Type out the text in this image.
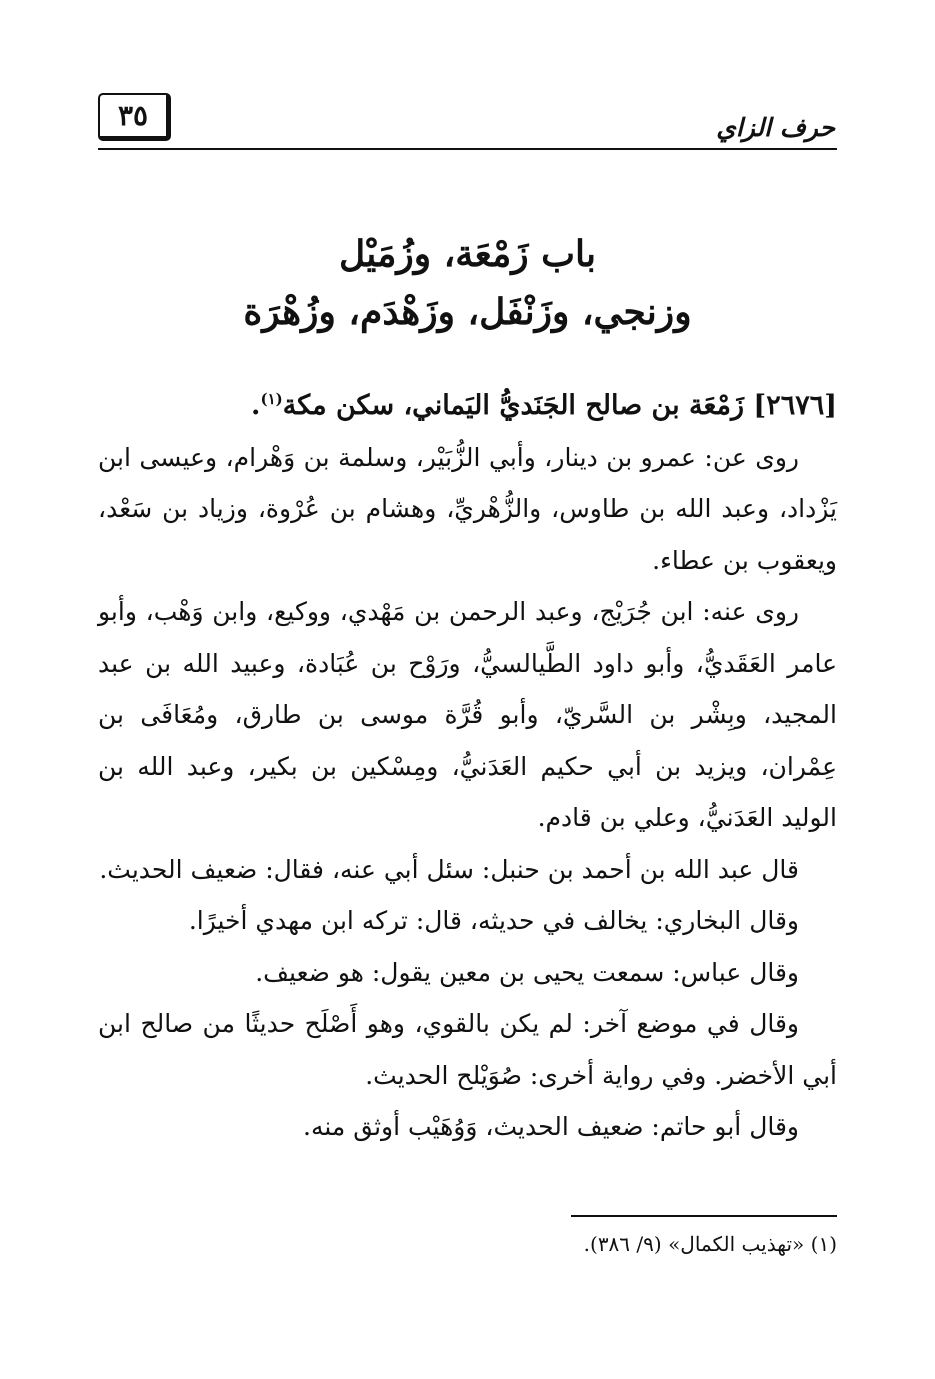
٣٥	حرف الزاي
باب زَمْعَة، وزُمَيْل
وزنجي، وزَنْفَل، وزَهْدَم، وزُهْرَة
[٢٦٧٦] زَمْعَة بن صالح الجَنَديُّ اليَماني، سكن مكة$^{(١)}$.
روى عن: عمرو بن دينار، وأبي الزُّبَيْر، وسلمة بن وَهْرام، وعيسى ابن يَزْداد، وعبد الله بن طاوس، والزُّهْريِّ، وهشام بن عُرْوة، وزياد بن سَعْد، ويعقوب بن عطاء.
روى عنه: ابن جُرَيْج، وعبد الرحمن بن مَهْدي، ووكيع، وابن وَهْب، وأبو عامر العَقَديُّ، وأبو داود الطَّيالسيُّ، ورَوْح بن عُبَادة، وعبيد الله بن عبد المجيد، وبِشْر بن السَّريّ، وأبو قُرَّة موسى بن طارق، ومُعَافَى بن عِمْران، ويزيد بن أبي حكيم العَدَنيُّ، ومِسْكين بن بكير، وعبد الله بن الوليد العَدَنيُّ، وعلي بن قادم.
قال عبد الله بن أحمد بن حنبل: سئل أبي عنه، فقال: ضعيف الحديث.
وقال البخاري: يخالف في حديثه، قال: تركه ابن مهدي أخيرًا.
وقال عباس: سمعت يحيى بن معين يقول: هو ضعيف.
وقال في موضع آخر: لم يكن بالقوي، وهو أَصْلَح حديثًا من صالح ابن أبي الأخضر. وفي رواية أخرى: صُوَيْلح الحديث.
وقال أبو حاتم: ضعيف الحديث، وَوُهَيْب أوثق منه.
(١) «تهذيب الكمال» (٩/ ٣٨٦).
